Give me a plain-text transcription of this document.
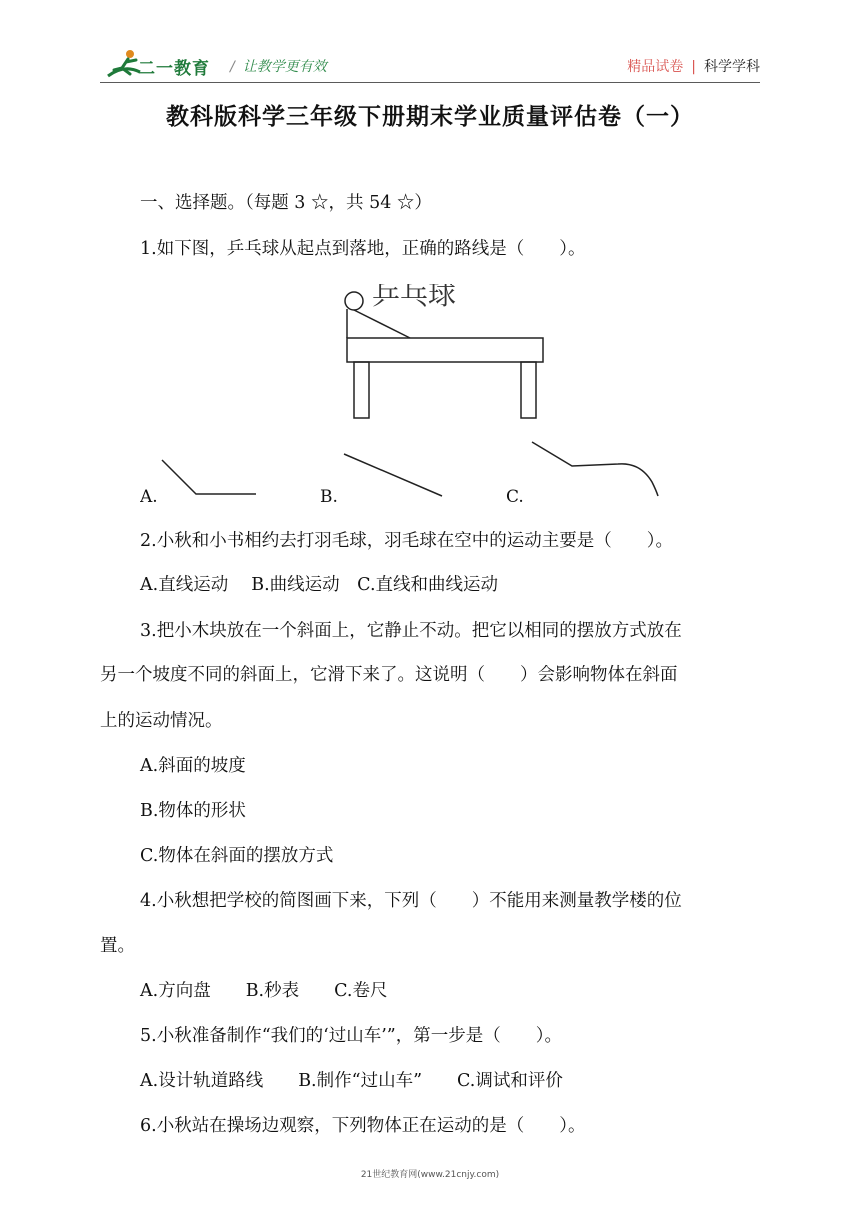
二一教育 / 让教学更有效	精品试卷 | 科学学科
教科版科学三年级下册期末学业质量评估卷（一）
一、选择题。（每题 3 ☆，共 54 ☆）
1.如下图，乒乓球从起点到落地，正确的路线是（　　）。
乒乓球
A.	B.	C.
2.小秋和小书相约去打羽毛球，羽毛球在空中的运动主要是（　　）。
A.直线运动　 B.曲线运动　C.直线和曲线运动
3.把小木块放在一个斜面上，它静止不动。把它以相同的摆放方式放在
另一个坡度不同的斜面上，它滑下来了。这说明（　　）会影响物体在斜面
上的运动情况。
A.斜面的坡度
B.物体的形状
C.物体在斜面的摆放方式
4.小秋想把学校的简图画下来，下列（　　）不能用来测量教学楼的位
置。
A.方向盘　　B.秒表　　C.卷尺
5.小秋准备制作“我们的‘过山车’”，第一步是（　　）。
A.设计轨道路线　　B.制作“过山车”　　C.调试和评价
6.小秋站在操场边观察，下列物体正在运动的是（　　）。
21世纪教育网(www.21cnjy.com)
